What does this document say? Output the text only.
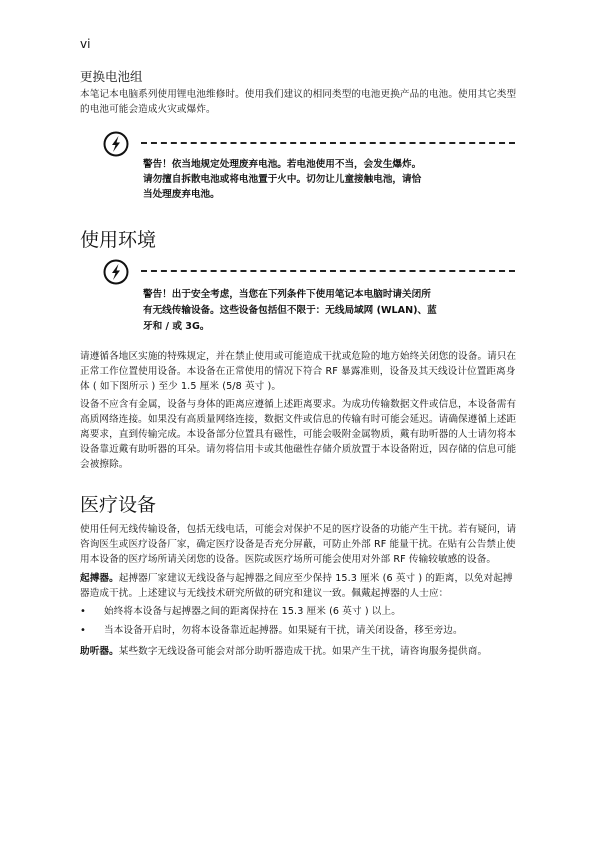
vi
更换电池组

本笔记本电脑系列使用锂电池维修时。使用我们建议的相同类型的电池更换产品的电池。使用其它类型的电池可能会造成火灾或爆炸。

警告！依当地规定处理废弃电池。若电池使用不当，会发生爆炸。
请勿擅自拆散电池或将电池置于火中。切勿让儿童接触电池，请恰
当处理废弃电池。
使用环境
警告！出于安全考虑，当您在下列条件下使用笔记本电脑时请关闭所
有无线传输设备。这些设备包括但不限于：无线局域网 (WLAN)、蓝
牙和 / 或 3G。

请遵循各地区实施的特殊规定，并在禁止使用或可能造成干扰或危险的地方始终关闭您的设备。请只在正常工作位置使用设备。本设备在正常使用的情况下符合 RF 暴露准则，设备及其天线设计位置距离身体 ( 如下图所示 ) 至少 1.5 厘米 (5/8 英寸 )。

设备不应含有金属，设备与身体的距离应遵循上述距离要求。为成功传输数据文件或信息，本设备需有高质网络连接。如果没有高质量网络连接，数据文件或信息的传输有时可能会延迟。请确保遵循上述距离要求，直到传输完成。本设备部分位置具有磁性，可能会吸附金属物质，戴有助听器的人士请勿将本设备靠近戴有助听器的耳朵。请勿将信用卡或其他磁性存储介质放置于本设备附近，因存储的信息可能会被擦除。

医疗设备

使用任何无线传输设备，包括无线电话，可能会对保护不足的医疗设备的功能产生干扰。若有疑问，请咨询医生或医疗设备厂家，确定医疗设备是否充分屏蔽，可防止外部 RF 能量干扰。在贴有公告禁止使用本设备的医疗场所请关闭您的设备。医院或医疗场所可能会使用对外部 RF 传输较敏感的设备。

起搏器。起搏器厂家建议无线设备与起搏器之间应至少保持 15.3 厘米 (6 英寸 ) 的距离，以免对起搏器造成干扰。上述建议与无线技术研究所做的研究和建议一致。佩戴起搏器的人士应：

• 始终将本设备与起搏器之间的距离保持在 15.3 厘米 (6 英寸 ) 以上。

• 当本设备开启时，勿将本设备靠近起搏器。如果疑有干扰，请关闭设备，移至旁边。

助听器。某些数字无线设备可能会对部分助听器造成干扰。如果产生干扰，请咨询服务提供商。
